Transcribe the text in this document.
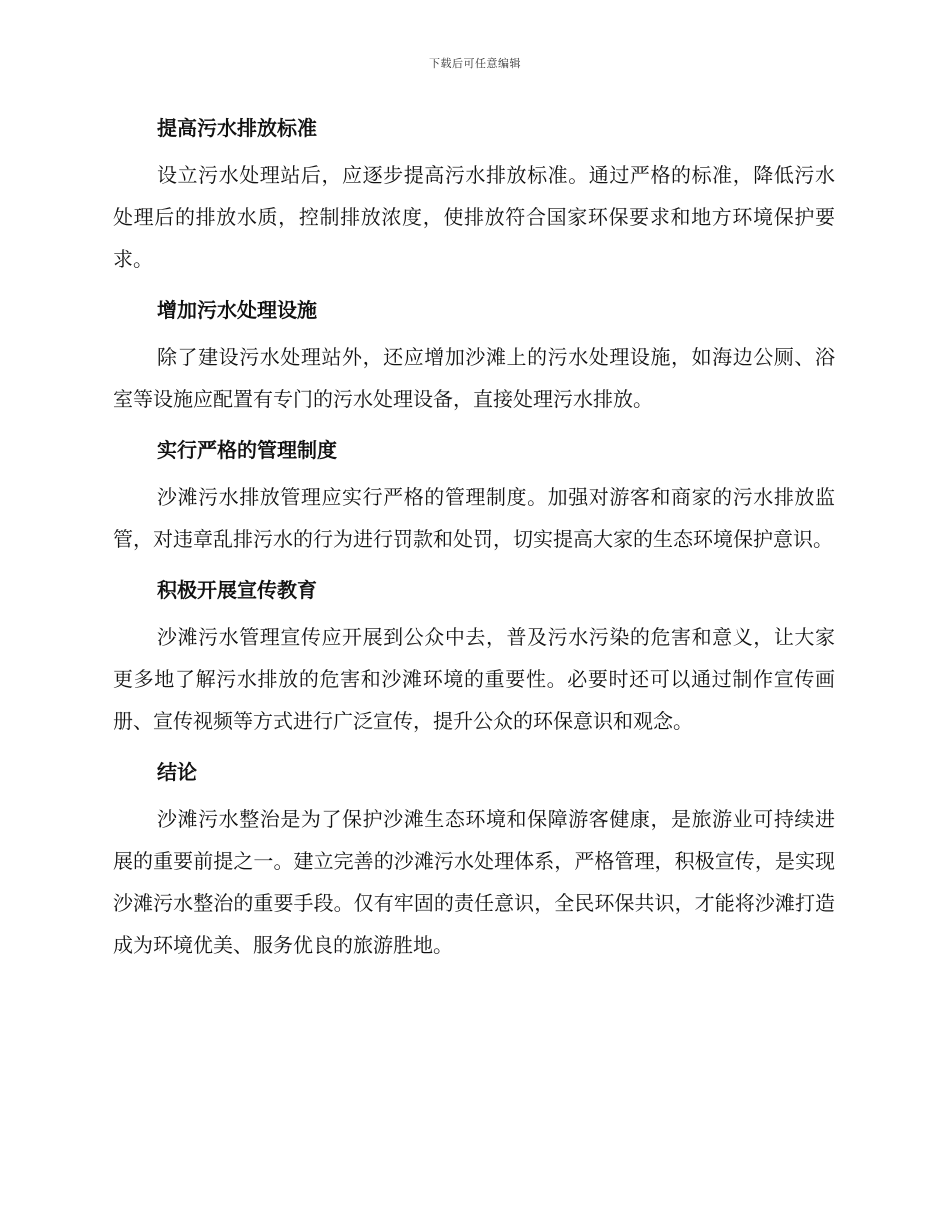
下载后可任意编辑
提高污水排放标准

设立污水处理站后，应逐步提高污水排放标准。通过严格的标准，降低污水处理后的排放水质，控制排放浓度，使排放符合国家环保要求和地方环境保护要求。

增加污水处理设施

除了建设污水处理站外，还应增加沙滩上的污水处理设施，如海边公厕、浴室等设施应配置有专门的污水处理设备，直接处理污水排放。

实行严格的管理制度

沙滩污水排放管理应实行严格的管理制度。加强对游客和商家的污水排放监管，对违章乱排污水的行为进行罚款和处罚，切实提高大家的生态环境保护意识。

积极开展宣传教育

沙滩污水管理宣传应开展到公众中去，普及污水污染的危害和意义，让大家更多地了解污水排放的危害和沙滩环境的重要性。必要时还可以通过制作宣传画册、宣传视频等方式进行广泛宣传，提升公众的环保意识和观念。

结论

沙滩污水整治是为了保护沙滩生态环境和保障游客健康，是旅游业可持续进展的重要前提之一。建立完善的沙滩污水处理体系，严格管理，积极宣传，是实现沙滩污水整治的重要手段。仅有牢固的责任意识，全民环保共识，才能将沙滩打造成为环境优美、服务优良的旅游胜地。
